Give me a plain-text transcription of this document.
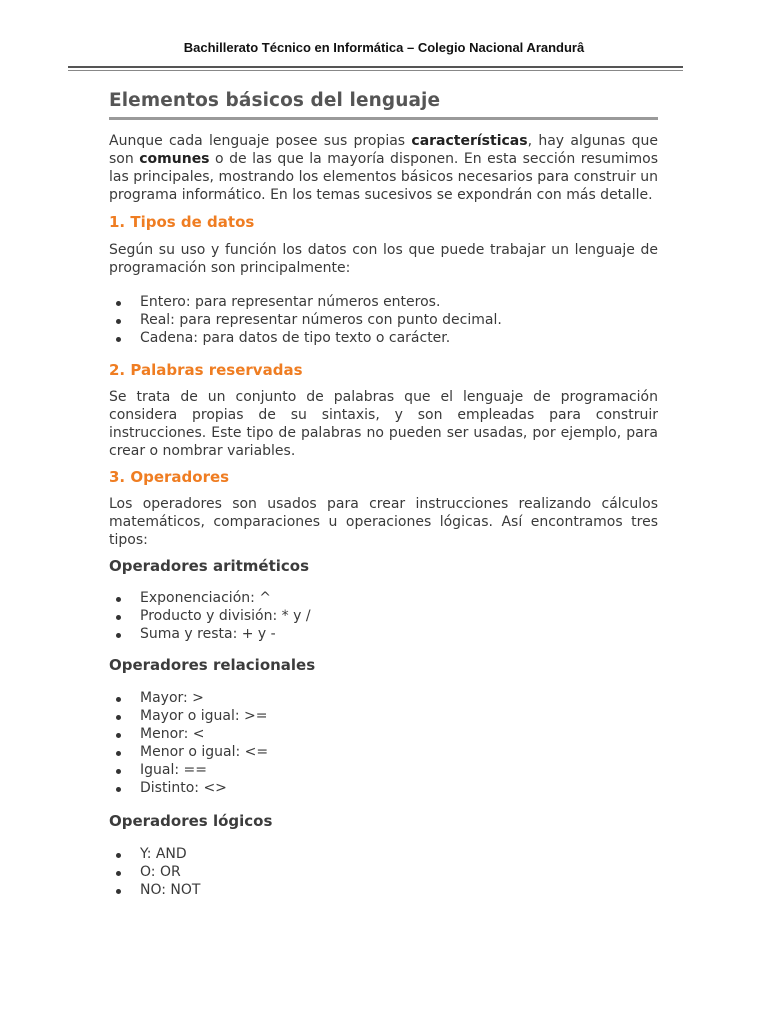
Bachillerato Técnico en Informática – Colegio Nacional Arandurâ
Elementos básicos del lenguaje

Aunque cada lenguaje posee sus propias características, hay algunas que son comunes o de las que la mayoría disponen. En esta sección resumimos las principales, mostrando los elementos básicos necesarios para construir un programa informático. En los temas sucesivos se expondrán con más detalle.

1. Tipos de datos

Según su uso y función los datos con los que puede trabajar un lenguaje de programación son principalmente:

Entero: para representar números enteros.
Real: para representar números con punto decimal.
Cadena: para datos de tipo texto o carácter.
2. Palabras reservadas

Se trata de un conjunto de palabras que el lenguaje de programación considera propias de su sintaxis, y son empleadas para construir instrucciones. Este tipo de palabras no pueden ser usadas, por ejemplo, para crear o nombrar variables.

3. Operadores

Los operadores son usados para crear instrucciones realizando cálculos matemáticos, comparaciones u operaciones lógicas. Así encontramos tres tipos:

Operadores aritméticos
Exponenciación: ^
Producto y división: * y /
Suma y resta: + y -
Operadores relacionales
Mayor: >
Mayor o igual: >=
Menor: <
Menor o igual: <=
Igual: ==
Distinto: <>
Operadores lógicos
Y: AND
O: OR
NO: NOT
